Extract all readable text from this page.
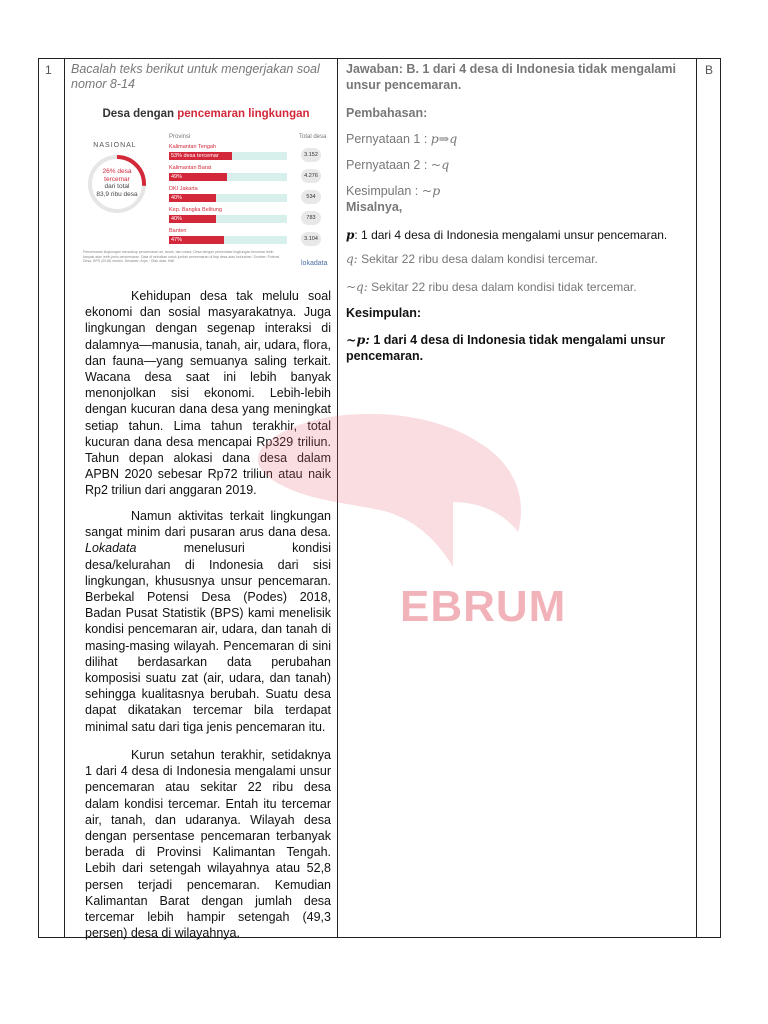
1 Bacalah teks berikut untuk mengerjakan soal nomor 8-14
Desa dengan pencemaran lingkungan
NASIONAL
26% desa
tercemar
dari total
83,9 ribu desa
Provinsi	Total desa
Kalimantan Tengah
53% desa tercemar	3.152
Kalimantan Barat
49%	4.276
DKI Jakarta
40%	534
Kep. Bangka Belitung
40%	783
Banten
47%	3.104
Pencemaran lingkungan mencakup pencemaran air, tanah, dan udara. Desa dengan persentase lingkungan tercemar lebih banyak atau lebih jenis pencemaran. Data di sebutkan untuk jumlah pencemaran di tiap desa atau kelurahan. Sumber: Potensi Desa, BPS (2018) olahan. Desainer: Arya · Olah data: Hafi	lokadata

Kehidupan desa tak melulu soal ekonomi dan sosial masyarakatnya. Juga lingkungan dengan segenap interaksi di dalamnya—manusia, tanah, air, udara, flora, dan fauna—yang semuanya saling terkait. Wacana desa saat ini lebih banyak menonjolkan sisi ekonomi. Lebih-lebih dengan kucuran dana desa yang meningkat setiap tahun. Lima tahun terakhir, total kucuran dana desa mencapai Rp329 triliun. Tahun depan alokasi dana desa dalam APBN 2020 sebesar Rp72 triliun atau naik Rp2 triliun dari anggaran 2019.

Namun aktivitas terkait lingkungan sangat minim dari pusaran arus dana desa. Lokadata	menelusuri kondisi desa/kelurahan di Indonesia dari sisi lingkungan, khususnya unsur pencemaran. Berbekal Potensi Desa (Podes) 2018, Badan Pusat Statistik (BPS) kami menelisik kondisi pencemaran air, udara, dan tanah di masing-masing wilayah. Pencemaran di sini dilihat berdasarkan data perubahan komposisi suatu zat (air, udara, dan tanah) sehingga kualitasnya berubah. Suatu desa dapat dikatakan tercemar bila terdapat minimal satu dari tiga jenis pencemaran itu.

Kurun setahun terakhir, setidaknya 1 dari 4 desa di Indonesia mengalami unsur pencemaran atau sekitar 22 ribu desa dalam kondisi tercemar. Entah itu tercemar air, tanah, dan udaranya. Wilayah desa dengan persentase pencemaran terbanyak berada di Provinsi Kalimantan Tengah. Lebih dari setengah wilayahnya atau 52,8 persen terjadi pencemaran. Kemudian Kalimantan Barat dengan jumlah desa tercemar lebih hampir setengah (49,3 persen) desa di wilayahnya.

Jawaban: B. 1 dari 4 desa di Indonesia tidak mengalami unsur pencemaran.
Pembahasan:
Pernyataan 1 : p⇒q
Pernyataan 2 : ~q
Kesimpulan : ~p
Misalnya,
p: 1 dari 4 desa di Indonesia mengalami unsur pencemaran.
q: Sekitar 22 ribu desa dalam kondisi tercemar.
~q: Sekitar 22 ribu desa dalam kondisi tidak tercemar.
Kesimpulan:
~p: 1 dari 4 desa di Indonesia tidak mengalami unsur pencemaran.
B
EBRUM
